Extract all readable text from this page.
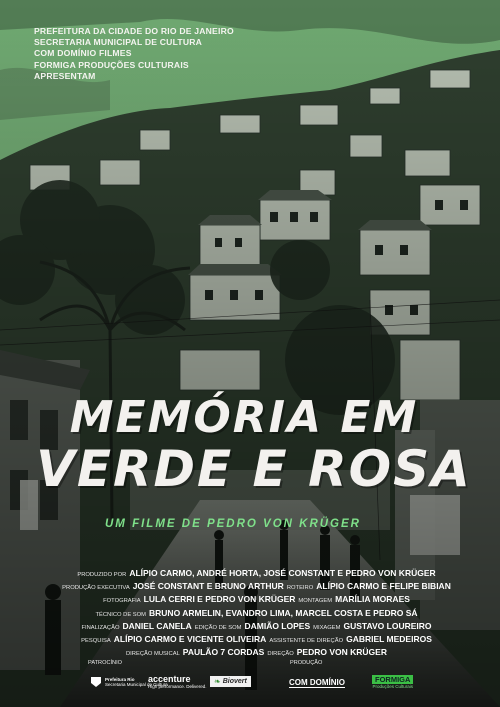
PREFEITURA DA CIDADE DO RIO DE JANEIRO
SECRETARIA MUNICIPAL DE CULTURA
COM DOMÍNIO FILMES
FORMIGA PRODUÇÕES CULTURAIS
APRESENTAM
MEMÓRIA EM
VERDE E ROSA
UM FILME DE PEDRO VON KRÜGER
PRODUZIDO POR ALÍPIO CARMO, ANDRÉ HORTA, JOSÉ CONSTANT E PEDRO VON KRÜGER
PRODUÇÃO EXECUTIVA JOSÉ CONSTANT E BRUNO ARTHUR ROTEIRO ALÍPIO CARMO E FELIPE BIBIAN
FOTOGRAFIA LULA CERRI E PEDRO VON KRÜGER MONTAGEM MARÍLIA MORAES
TÉCNICO DE SOM BRUNO ARMELIN, EVANDRO LIMA, MARCEL COSTA E PEDRO SÁ
FINALIZAÇÃO DANIEL CANELA EDIÇÃO DE SOM DAMIÃO LOPES MIXAGEM GUSTAVO LOUREIRO
PESQUISA ALÍPIO CARMO E VICENTE OLIVEIRA ASSISTENTE DE DIREÇÃO GABRIEL MEDEIROS
DIREÇÃO MUSICAL PAULÃO 7 CORDAS DIREÇÃO PEDRO VON KRÜGER
PATROCÍNIO	PRODUÇÃO
Prefeitura Rio
Secretaria Municipal de Cultura
accenture
High performance. Delivered.
❧ Biovert	COM DOMÍNIO	FORMIGA
Produções Culturais
